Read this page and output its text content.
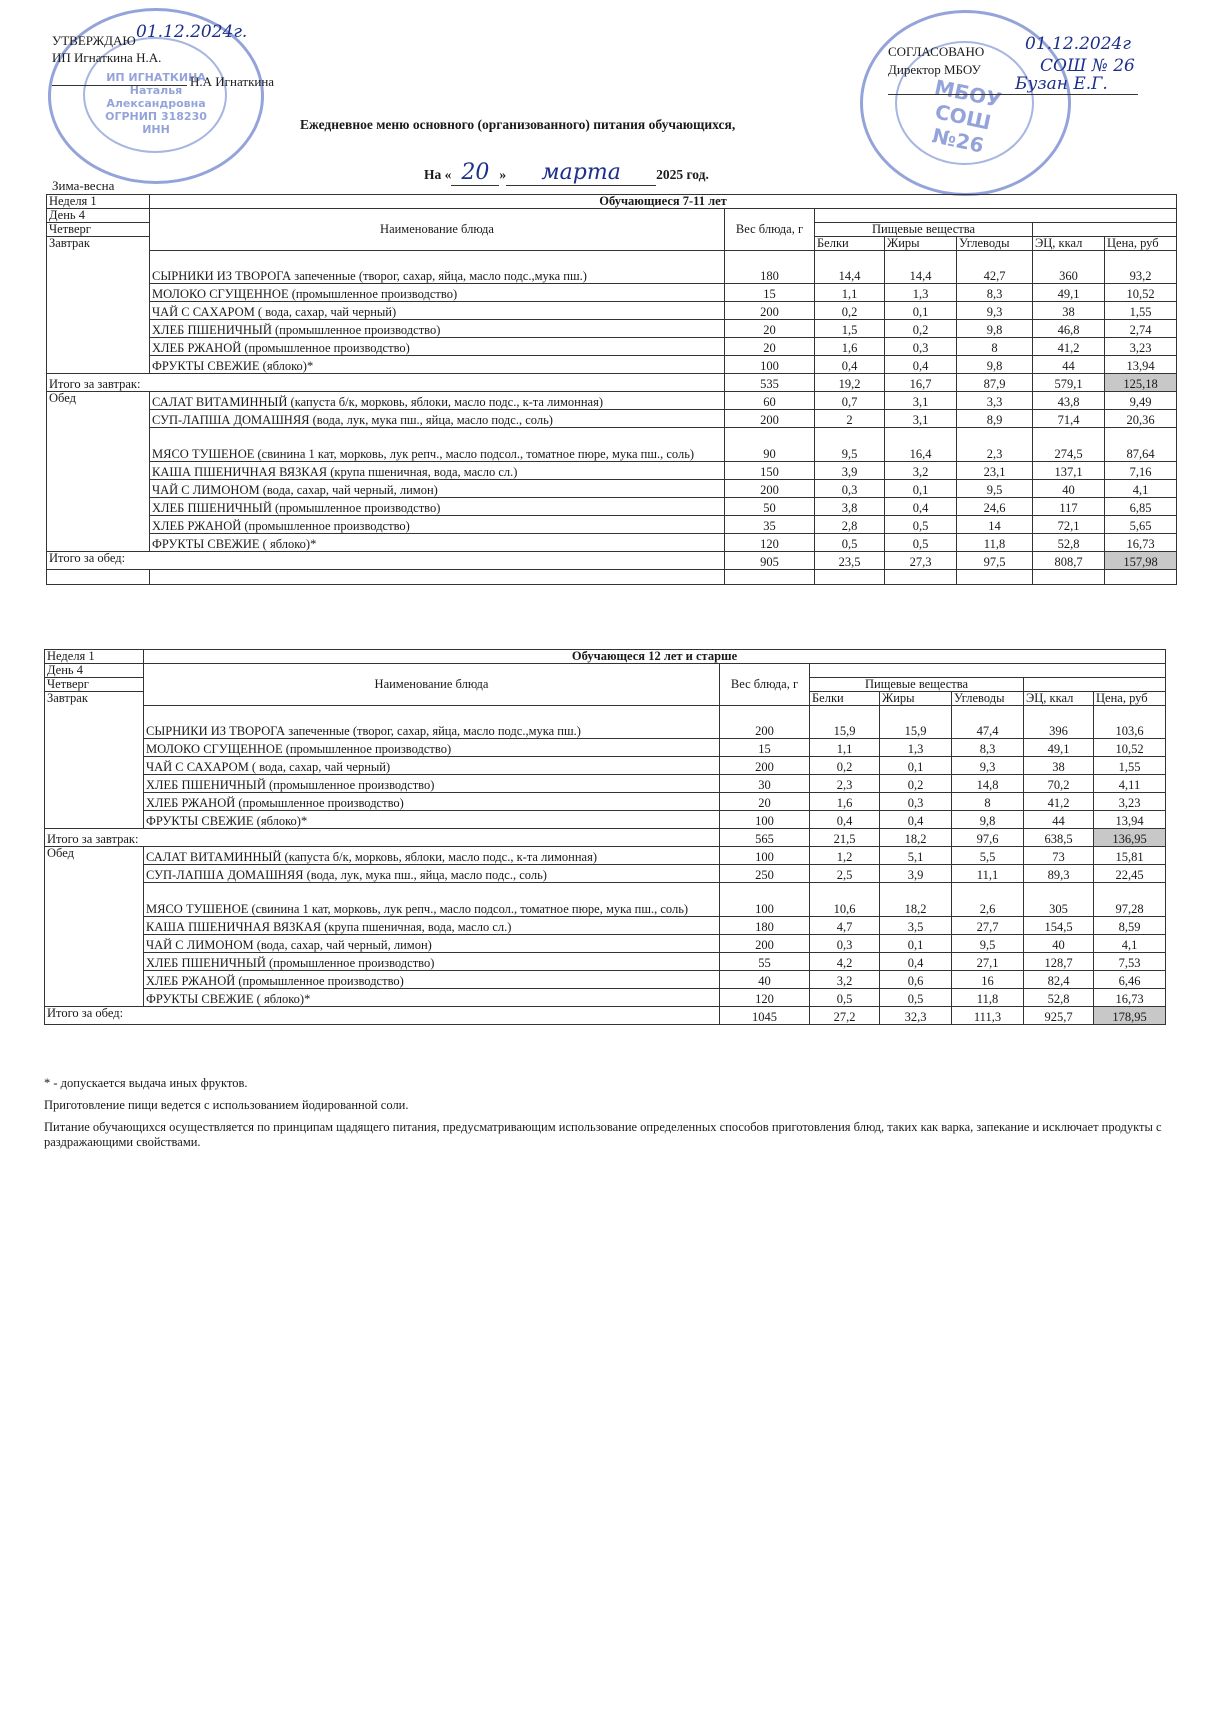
ИП ИГНАТКИНА Наталья Александровна ОГРНИП 318230 ИНН
МБОУ СОШ №26
УТВЕРЖДАЮ 01.12.2024г.
ИП Игнаткина Н.А.
Н.А Игнаткина
СОГЛАСОВАНО 01.12.2024г
Директор МБОУ	СОШ № 26
Бузан Е.Г.
Ежедневное меню основного (организованного) питания обучающихся,
На « 20 » марта	2025 год.
Зима-весна
Неделя 1	Обучающиеся 7-11 лет						
День 4	Наименование блюда	Вес блюда, г					
Четверг			Пищевые вещества				
Завтрак			Белки	Жиры	Углеводы	ЭЦ, ккал	Цена, руб
	СЫРНИКИ ИЗ ТВОРОГА запеченные (творог, сахар, яйца, масло подс.,мука пш.)	180	14,4	14,4	42,7	360	93,2
	МОЛОКО СГУЩЕННОЕ (промышленное производство)	15	1,1	1,3	8,3	49,1	10,52
	ЧАЙ С САХАРОМ ( вода, сахар, чай черный)	200	0,2	0,1	9,3	38	1,55
	ХЛЕБ ПШЕНИЧНЫЙ (промышленное производство)	20	1,5	0,2	9,8	46,8	2,74
	ХЛЕБ РЖАНОЙ (промышленное производство)	20	1,6	0,3	8	41,2	3,23
	ФРУКТЫ СВЕЖИЕ (яблоко)*	100	0,4	0,4	9,8	44	13,94
Итого за завтрак:		535	19,2	16,7	87,9	579,1	125,18
Обед	САЛАТ ВИТАМИННЫЙ (капуста б/к, морковь, яблоки, масло подс., к-та лимонная)	60	0,7	3,1	3,3	43,8	9,49
	СУП-ЛАПША ДОМАШНЯЯ (вода, лук, мука пш., яйца, масло подс., соль)	200	2	3,1	8,9	71,4	20,36
	МЯСО ТУШЕНОЕ (свинина 1 кат, морковь, лук репч., масло подсол., томатное пюре, мука пш., соль)	90	9,5	16,4	2,3	274,5	87,64
	КАША ПШЕНИЧНАЯ ВЯЗКАЯ (крупа пшеничная, вода, масло сл.)	150	3,9	3,2	23,1	137,1	7,16
	ЧАЙ С ЛИМОНОМ (вода, сахар, чай черный, лимон)	200	0,3	0,1	9,5	40	4,1
	ХЛЕБ ПШЕНИЧНЫЙ (промышленное производство)	50	3,8	0,4	24,6	117	6,85
	ХЛЕБ РЖАНОЙ (промышленное производство)	35	2,8	0,5	14	72,1	5,65
	ФРУКТЫ СВЕЖИЕ ( яблоко)*	120	0,5	0,5	11,8	52,8	16,73
Итого за обед:		905	23,5	27,3	97,5	808,7	157,98

Неделя 1	Обучающеся 12 лет и старше						
День 4	Наименование блюда	Вес блюда, г					
Четверг			Пищевые вещества				
Завтрак			Белки	Жиры	Углеводы	ЭЦ, ккал	Цена, руб
	СЫРНИКИ ИЗ ТВОРОГА запеченные (творог, сахар, яйца, масло подс.,мука пш.)	200	15,9	15,9	47,4	396	103,6
	МОЛОКО СГУЩЕННОЕ (промышленное производство)	15	1,1	1,3	8,3	49,1	10,52
	ЧАЙ С САХАРОМ ( вода, сахар, чай черный)	200	0,2	0,1	9,3	38	1,55
	ХЛЕБ ПШЕНИЧНЫЙ (промышленное производство)	30	2,3	0,2	14,8	70,2	4,11
	ХЛЕБ РЖАНОЙ (промышленное производство)	20	1,6	0,3	8	41,2	3,23
	ФРУКТЫ СВЕЖИЕ (яблоко)*	100	0,4	0,4	9,8	44	13,94
Итого за завтрак:		565	21,5	18,2	97,6	638,5	136,95
Обед	САЛАТ ВИТАМИННЫЙ (капуста б/к, морковь, яблоки, масло подс., к-та лимонная)	100	1,2	5,1	5,5	73	15,81
	СУП-ЛАПША ДОМАШНЯЯ (вода, лук, мука пш., яйца, масло подс., соль)	250	2,5	3,9	11,1	89,3	22,45
	МЯСО ТУШЕНОЕ (свинина 1 кат, морковь, лук репч., масло подсол., томатное пюре, мука пш., соль)	100	10,6	18,2	2,6	305	97,28
	КАША ПШЕНИЧНАЯ ВЯЗКАЯ (крупа пшеничная, вода, масло сл.)	180	4,7	3,5	27,7	154,5	8,59
	ЧАЙ С ЛИМОНОМ (вода, сахар, чай черный, лимон)	200	0,3	0,1	9,5	40	4,1
	ХЛЕБ ПШЕНИЧНЫЙ (промышленное производство)	55	4,2	0,4	27,1	128,7	7,53
	ХЛЕБ РЖАНОЙ (промышленное производство)	40	3,2	0,6	16	82,4	6,46
	ФРУКТЫ СВЕЖИЕ ( яблоко)*	120	0,5	0,5	11,8	52,8	16,73
Итого за обед:		1045	27,2	32,3	111,3	925,7	178,95
* - допускается выдача иных фруктов.
Приготовление пищи ведется с использованием йодированной соли.
Питание обучающихся осуществляется по принципам щадящего питания, предусматривающим использование определенных способов приготовления блюд, таких как варка, запекание и исключает продукты с раздражающими свойствами.
